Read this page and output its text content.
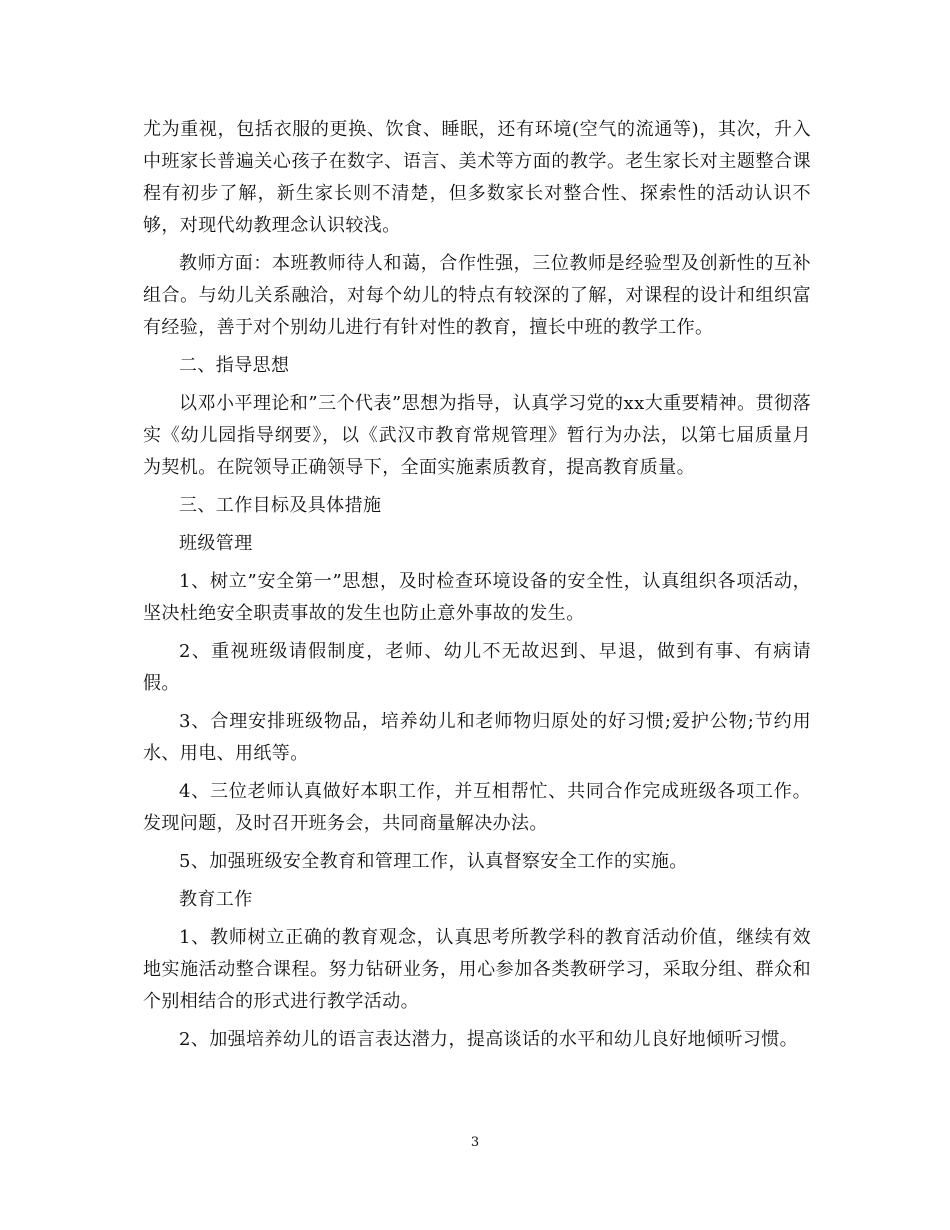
尤为重视，包括衣服的更换、饮食、睡眠，还有环境(空气的流通等)，其次，升入中班家长普遍关心孩子在数字、语言、美术等方面的教学。老生家长对主题整合课程有初步了解，新生家长则不清楚，但多数家长对整合性、探索性的活动认识不够，对现代幼教理念认识较浅。

教师方面：本班教师待人和蔼，合作性强，三位教师是经验型及创新性的互补组合。与幼儿关系融洽，对每个幼儿的特点有较深的了解，对课程的设计和组织富有经验，善于对个别幼儿进行有针对性的教育，擅长中班的教学工作。

二、指导思想

以邓小平理论和”三个代表”思想为指导，认真学习党的xx大重要精神。贯彻落实《幼儿园指导纲要》，以《武汉市教育常规管理》暂行为办法，以第七届质量月为契机。在院领导正确领导下，全面实施素质教育，提高教育质量。

三、工作目标及具体措施

班级管理

1、树立”安全第一”思想，及时检查环境设备的安全性，认真组织各项活动，坚决杜绝安全职责事故的发生也防止意外事故的发生。

2、重视班级请假制度，老师、幼儿不无故迟到、早退，做到有事、有病请假。

3、合理安排班级物品，培养幼儿和老师物归原处的好习惯;爱护公物;节约用水、用电、用纸等。

4、三位老师认真做好本职工作，并互相帮忙、共同合作完成班级各项工作。发现问题，及时召开班务会，共同商量解决办法。

5、加强班级安全教育和管理工作，认真督察安全工作的实施。

教育工作

1、教师树立正确的教育观念，认真思考所教学科的教育活动价值，继续有效地实施活动整合课程。努力钻研业务，用心参加各类教研学习，采取分组、群众和个别相结合的形式进行教学活动。

2、加强培养幼儿的语言表达潜力，提高谈话的水平和幼儿良好地倾听习惯。

3
